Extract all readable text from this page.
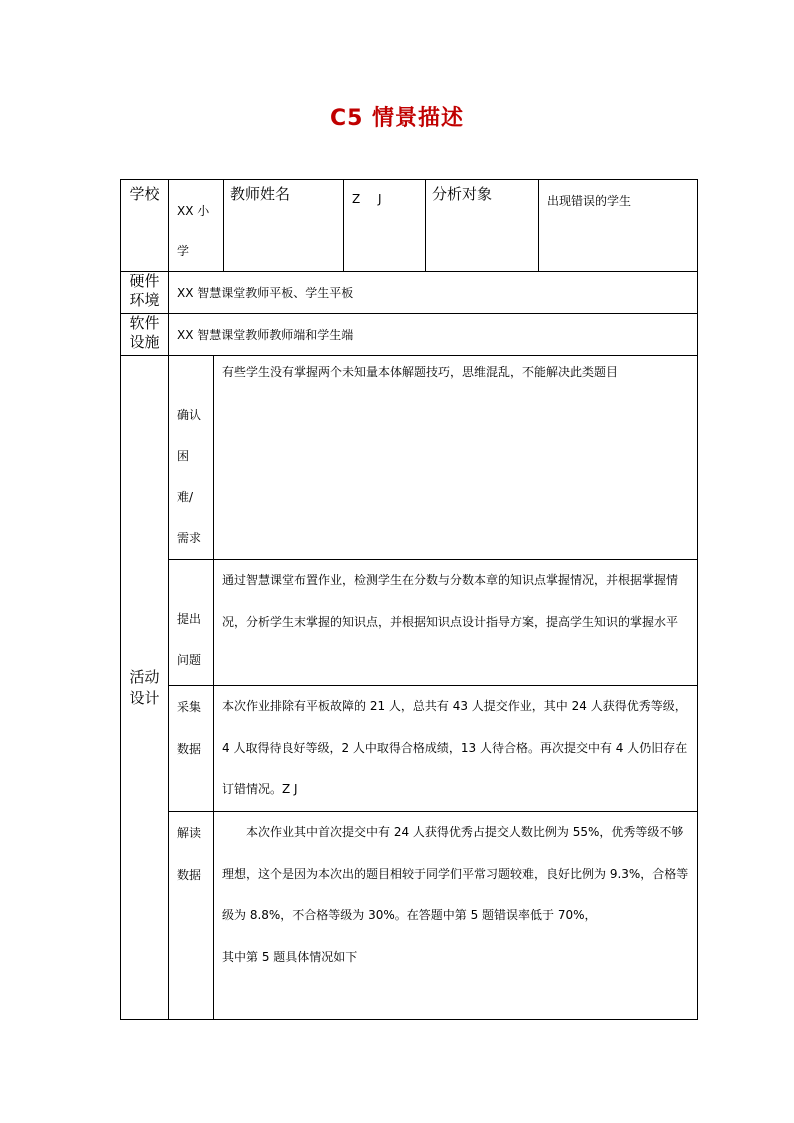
C5 情景描述
学校	XX 小学		教师姓名	Z J	分析对象	出现错误的学生
硬件环境	XX 智慧课堂教师平板、学生平板					
软件设施	XX 智慧课堂教师教师端和学生端					
活动设计	确认困难/需求	有些学生没有掌握两个未知量本体解题技巧，思维混乱，不能解决此类题目				
	提出问题	通过智慧课堂布置作业，检测学生在分数与分数本章的知识点掌握情况，并根据掌握情况，分析学生末掌握的知识点，并根据知识点设计指导方案，提高学生知识的掌握水平				
	采集数据	本次作业排除有平板故障的 21 人，总共有 43 人提交作业，其中 24 人获得优秀等级，4 人取得待良好等级，2 人中取得合格成绩，13 人待合格。再次提交中有 4 人仍旧存在订错情况。Z J				
	解读数据	本次作业其中首次提交中有 24 人获得优秀占提交人数比例为 55%，优秀等级不够理想，这个是因为本次出的题目相较于同学们平常习题较难，良好比例为 9.3%，合格等级为 8.8%，不合格等级为 30%。在答题中第 5 题错误率低于 70%，
其中第 5 题具体情况如下				
